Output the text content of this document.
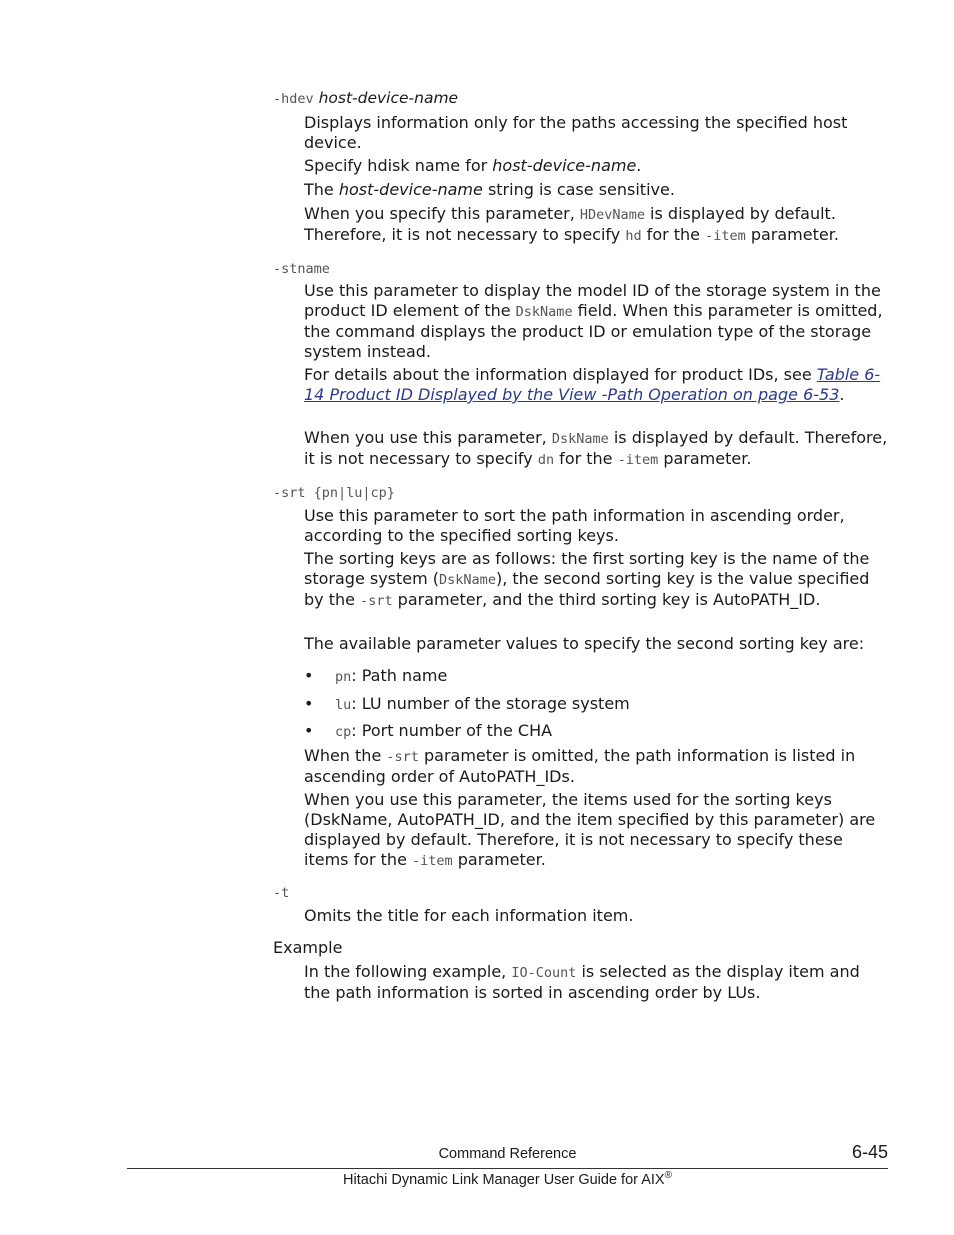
-hdev host-device-name
Displays information only for the paths accessing the specified host device.
Specify hdisk name for host-device-name.
The host-device-name string is case sensitive.
When you specify this parameter, HDevName is displayed by default. Therefore, it is not necessary to specify hd for the -item parameter.
-stname
Use this parameter to display the model ID of the storage system in the product ID element of the DskName field. When this parameter is omitted, the command displays the product ID or emulation type of the storage system instead.
For details about the information displayed for product IDs, see Table 6-14 Product ID Displayed by the View -Path Operation on page 6-53.
When you use this parameter, DskName is displayed by default. Therefore, it is not necessary to specify dn for the -item parameter.
-srt {pn|lu|cp}
Use this parameter to sort the path information in ascending order, according to the specified sorting keys.
The sorting keys are as follows: the first sorting key is the name of the storage system (DskName), the second sorting key is the value specified by the -srt parameter, and the third sorting key is AutoPATH_ID.
The available parameter values to specify the second sorting key are:
• pn: Path name
• lu: LU number of the storage system
• cp: Port number of the CHA
When the -srt parameter is omitted, the path information is listed in ascending order of AutoPATH_IDs.
When you use this parameter, the items used for the sorting keys (DskName, AutoPATH_ID, and the item specified by this parameter) are displayed by default. Therefore, it is not necessary to specify these items for the -item parameter.
-t
Omits the title for each information item.
Example
In the following example, IO-Count is selected as the display item and the path information is sorted in ascending order by LUs.
Command Reference	6-45
Hitachi Dynamic Link Manager User Guide for AIX®
